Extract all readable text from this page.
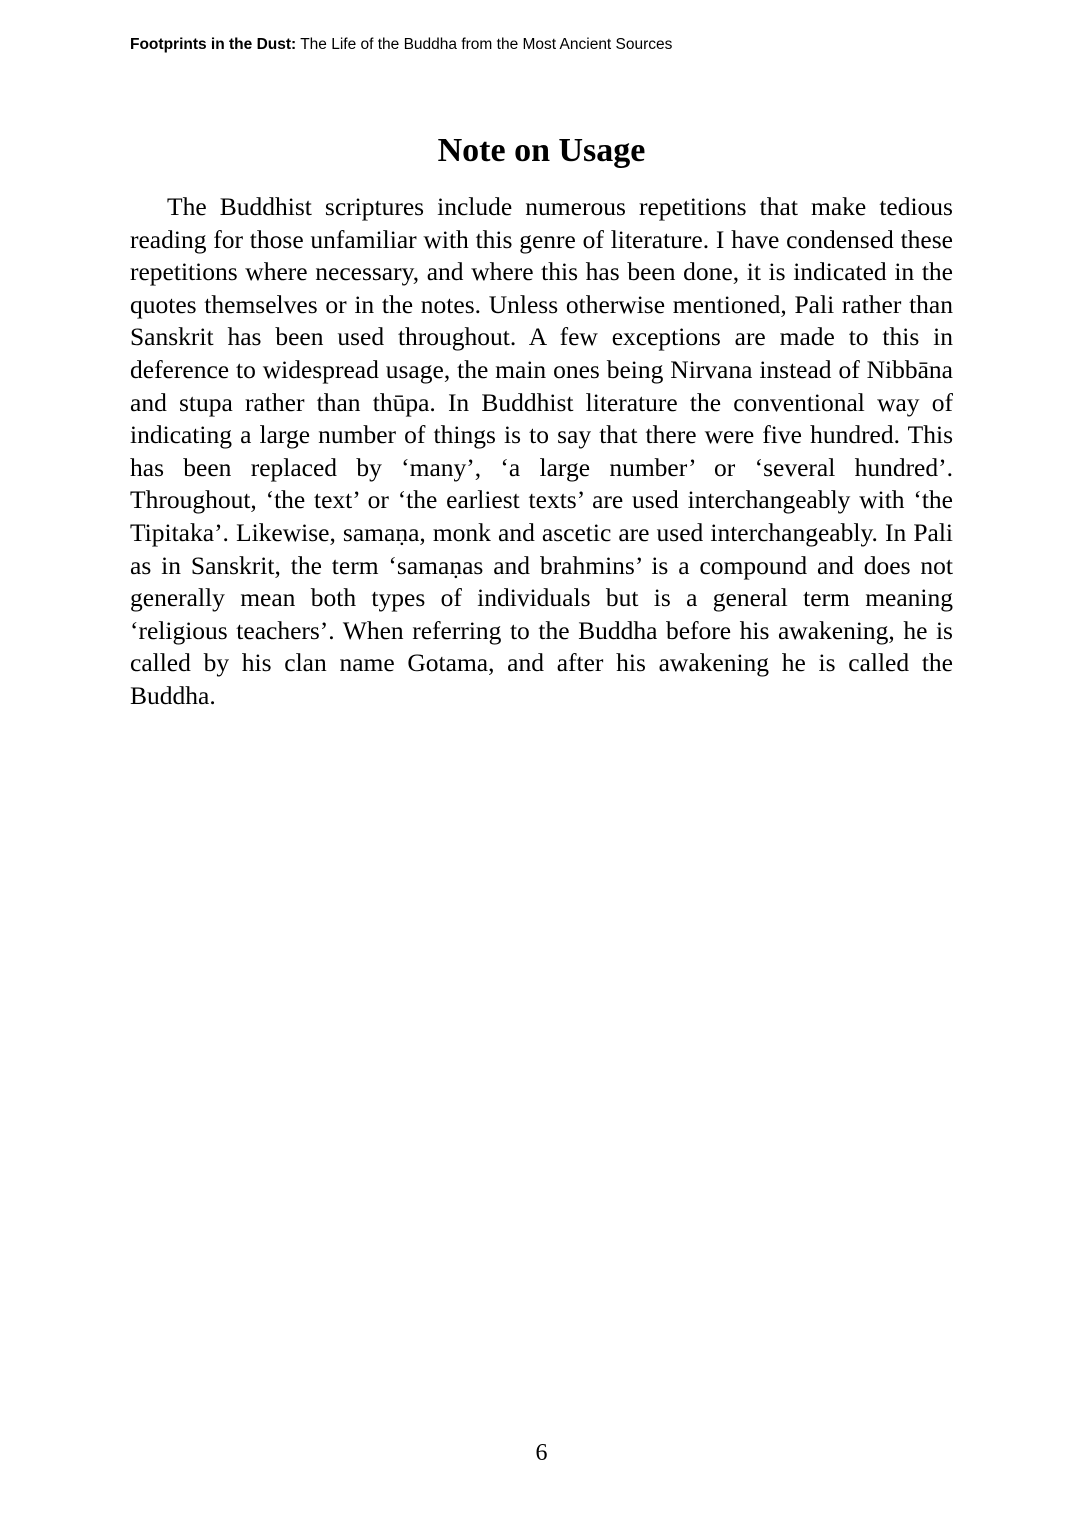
Footprints in the Dust: The Life of the Buddha from the Most Ancient Sources
Note on Usage

The Buddhist scriptures include numerous repetitions that make tedious reading for those unfamiliar with this genre of literature. I have condensed these repetitions where necessary, and where this has been done, it is indicated in the quotes themselves or in the notes. Unless otherwise mentioned, Pali rather than Sanskrit has been used throughout. A few exceptions are made to this in deference to widespread usage, the main ones being Nirvana instead of Nibbāna and stupa rather than thūpa. In Buddhist literature the conventional way of indicating a large number of things is to say that there were five hundred. This has been replaced by ‘many’, ‘a large number’ or ‘several hundred’. Throughout, ‘the text’ or ‘the earliest texts’ are used interchangeably with ‘the Tipitaka’. Likewise, samaṇa, monk and ascetic are used interchangeably. In Pali as in Sanskrit, the term ‘samaṇas and brahmins’ is a compound and does not generally mean both types of individuals but is a general term meaning ‘religious teachers’. When referring to the Buddha before his awakening, he is called by his clan name Gotama, and after his awakening he is called the Buddha.

6
